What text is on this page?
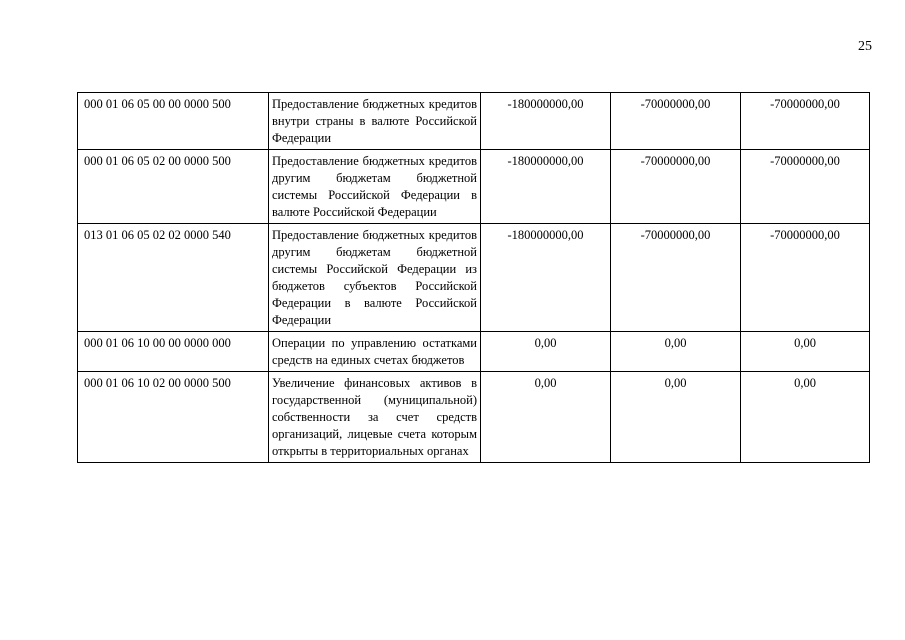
25
000 01 06 05 00 00 0000 500	Предоставление бюджетных кредитов внутри страны в валюте Российской Федерации	-180000000,00	-70000000,00	-70000000,00
000 01 06 05 02 00 0000 500	Предоставление бюджетных кредитов другим бюджетам бюджетной системы Российской Федерации в валюте Российской Федерации	-180000000,00	-70000000,00	-70000000,00
013 01 06 05 02 02 0000 540	Предоставление бюджетных кредитов другим бюджетам бюджетной системы Российской Федерации из бюджетов субъектов Российской Федерации в валюте Российской Федерации	-180000000,00	-70000000,00	-70000000,00
000 01 06 10 00 00 0000 000	Операции по управлению остатками средств на единых счетах бюджетов	0,00	0,00	0,00
000 01 06 10 02 00 0000 500	Увеличение финансовых активов в государственной (муниципальной) собственности за счет средств организаций, лицевые счета которым открыты в территориальных органах	0,00	0,00	0,00
